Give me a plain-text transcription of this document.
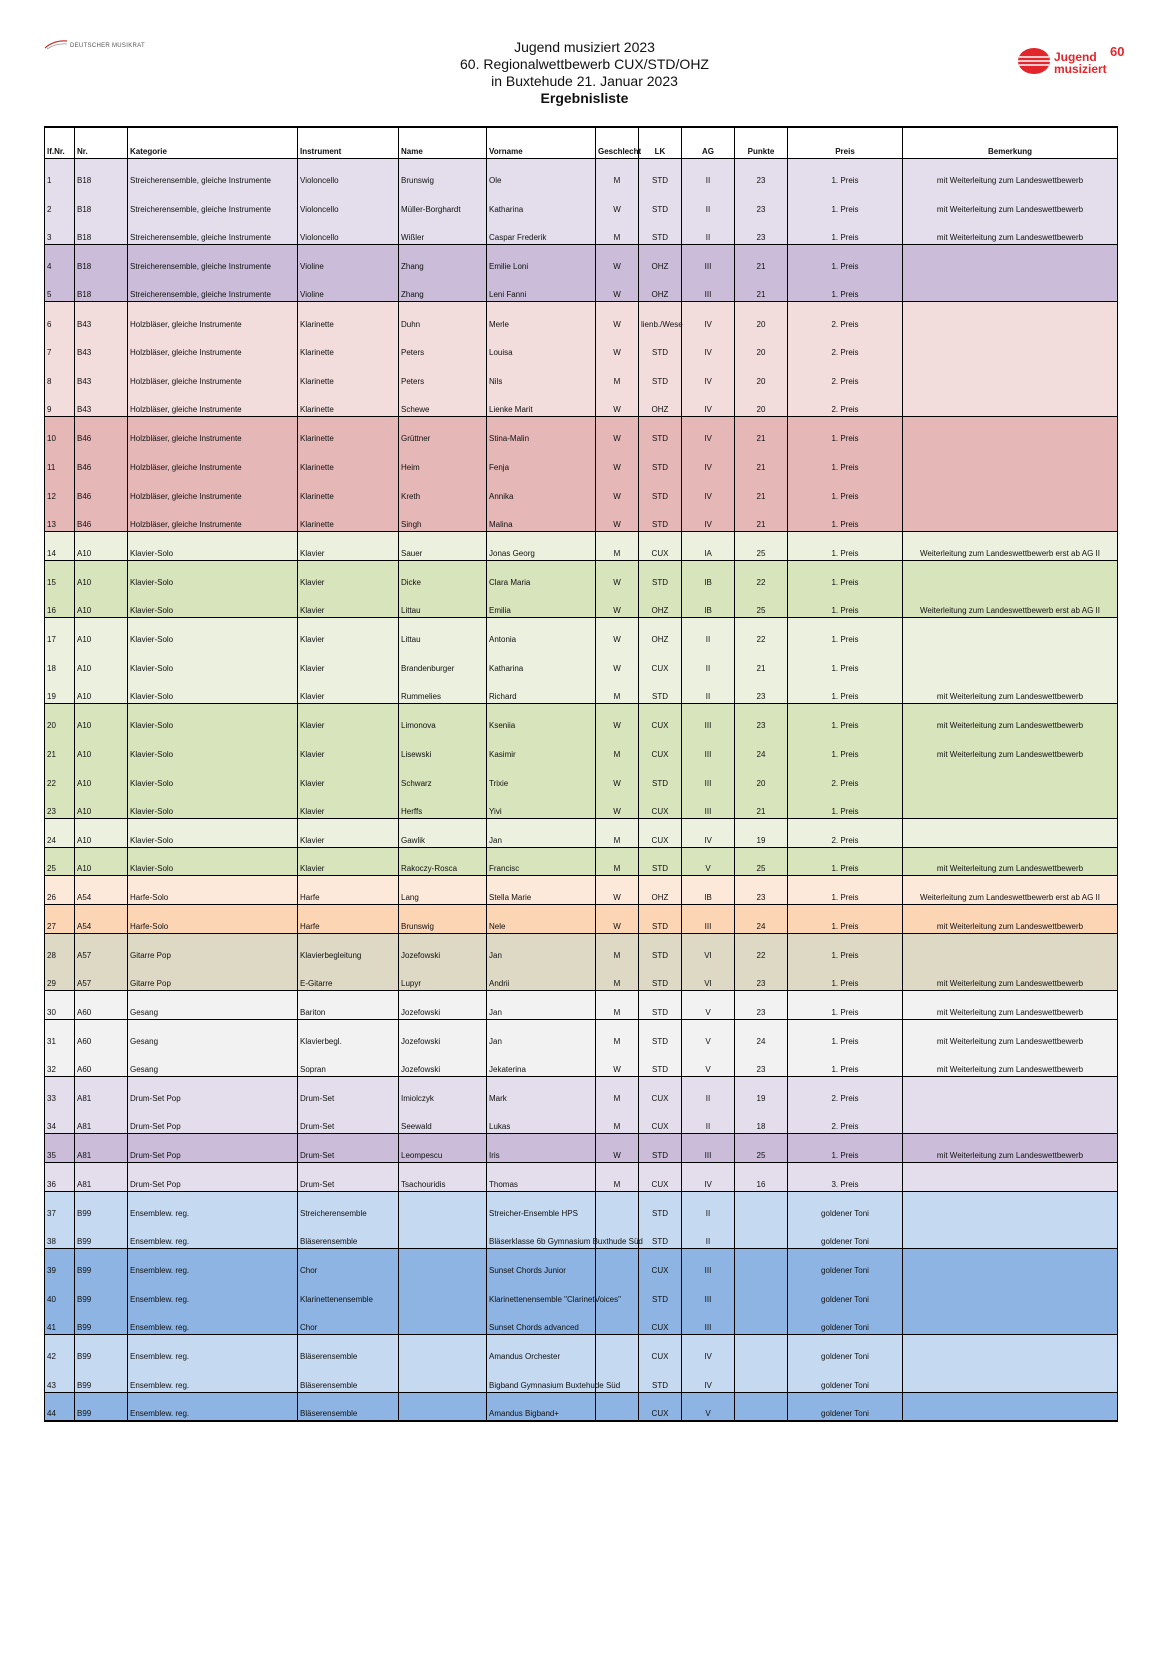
DEUTSCHER MUSIKRAT	Jugend musiziert 2023
60. Regionalwettbewerb CUX/STD/OHZ
in Buxtehude 21. Januar 2023
Ergebnisliste
Jugend
musiziert
60
lf.Nr.	Nr.	Kategorie	Instrument	Name	Vorname	Geschlecht	LK	AG	Punkte	Preis	Bemerkung
1	B18	Streicherensemble, gleiche Instrumente	Violoncello	Brunswig	Ole	M	STD	II	23	1. Preis	mit Weiterleitung zum Landeswettbewerb
2	B18	Streicherensemble, gleiche Instrumente	Violoncello	Müller-Borghardt	Katharina	W	STD	II	23	1. Preis	mit Weiterleitung zum Landeswettbewerb
3	B18	Streicherensemble, gleiche Instrumente	Violoncello	Wißler	Caspar Frederik	M	STD	II	23	1. Preis	mit Weiterleitung zum Landeswettbewerb
4	B18	Streicherensemble, gleiche Instrumente	Violine	Zhang	Emilie Loni	W	OHZ	III	21	1. Preis	
5	B18	Streicherensemble, gleiche Instrumente	Violine	Zhang	Leni Fanni	W	OHZ	III	21	1. Preis	
6	B43	Holzbläser, gleiche Instrumente	Klarinette	Duhn	Merle	W	lienb./Wese	IV	20	2. Preis	
7	B43	Holzbläser, gleiche Instrumente	Klarinette	Peters	Louisa	W	STD	IV	20	2. Preis	
8	B43	Holzbläser, gleiche Instrumente	Klarinette	Peters	Nils	M	STD	IV	20	2. Preis	
9	B43	Holzbläser, gleiche Instrumente	Klarinette	Schewe	Lienke Marit	W	OHZ	IV	20	2. Preis	
10	B46	Holzbläser, gleiche Instrumente	Klarinette	Grüttner	Stina-Malin	W	STD	IV	21	1. Preis	
11	B46	Holzbläser, gleiche Instrumente	Klarinette	Heim	Fenja	W	STD	IV	21	1. Preis	
12	B46	Holzbläser, gleiche Instrumente	Klarinette	Kreth	Annika	W	STD	IV	21	1. Preis	
13	B46	Holzbläser, gleiche Instrumente	Klarinette	Singh	Malina	W	STD	IV	21	1. Preis	
14	A10	Klavier-Solo	Klavier	Sauer	Jonas Georg	M	CUX	IA	25	1. Preis	Weiterleitung zum Landeswettbewerb erst ab AG II
15	A10	Klavier-Solo	Klavier	Dicke	Clara Maria	W	STD	IB	22	1. Preis	
16	A10	Klavier-Solo	Klavier	Littau	Emilia	W	OHZ	IB	25	1. Preis	Weiterleitung zum Landeswettbewerb erst ab AG II
17	A10	Klavier-Solo	Klavier	Littau	Antonia	W	OHZ	II	22	1. Preis	
18	A10	Klavier-Solo	Klavier	Brandenburger	Katharina	W	CUX	II	21	1. Preis	
19	A10	Klavier-Solo	Klavier	Rummelies	Richard	M	STD	II	23	1. Preis	mit Weiterleitung zum Landeswettbewerb
20	A10	Klavier-Solo	Klavier	Limonova	Kseniia	W	CUX	III	23	1. Preis	mit Weiterleitung zum Landeswettbewerb
21	A10	Klavier-Solo	Klavier	Lisewski	Kasimir	M	CUX	III	24	1. Preis	mit Weiterleitung zum Landeswettbewerb
22	A10	Klavier-Solo	Klavier	Schwarz	Trixie	W	STD	III	20	2. Preis	
23	A10	Klavier-Solo	Klavier	Herffs	Yivi	W	CUX	III	21	1. Preis	
24	A10	Klavier-Solo	Klavier	Gawlik	Jan	M	CUX	IV	19	2. Preis	
25	A10	Klavier-Solo	Klavier	Rakoczy-Rosca	Francisc	M	STD	V	25	1. Preis	mit Weiterleitung zum Landeswettbewerb
26	A54	Harfe-Solo	Harfe	Lang	Stella Marie	W	OHZ	IB	23	1. Preis	Weiterleitung zum Landeswettbewerb erst ab AG II
27	A54	Harfe-Solo	Harfe	Brunswig	Nele	W	STD	III	24	1. Preis	mit Weiterleitung zum Landeswettbewerb
28	A57	Gitarre Pop	Klavierbegleitung	Jozefowski	Jan	M	STD	VI	22	1. Preis	
29	A57	Gitarre Pop	E-Gitarre	Lupyr	Andrii	M	STD	VI	23	1. Preis	mit Weiterleitung zum Landeswettbewerb
30	A60	Gesang	Bariton	Jozefowski	Jan	M	STD	V	23	1. Preis	mit Weiterleitung zum Landeswettbewerb
31	A60	Gesang	Klavierbegl.	Jozefowski	Jan	M	STD	V	24	1. Preis	mit Weiterleitung zum Landeswettbewerb
32	A60	Gesang	Sopran	Jozefowski	Jekaterina	W	STD	V	23	1. Preis	mit Weiterleitung zum Landeswettbewerb
33	A81	Drum-Set Pop	Drum-Set	Imiolczyk	Mark	M	CUX	II	19	2. Preis	
34	A81	Drum-Set Pop	Drum-Set	Seewald	Lukas	M	CUX	II	18	2. Preis	
35	A81	Drum-Set Pop	Drum-Set	Leompescu	Iris	W	STD	III	25	1. Preis	mit Weiterleitung zum Landeswettbewerb
36	A81	Drum-Set Pop	Drum-Set	Tsachouridis	Thomas	M	CUX	IV	16	3. Preis	
37	B99	Ensemblew. reg.	Streicherensemble		Streicher-Ensemble HPS		STD	II		goldener Toni	
38	B99	Ensemblew. reg.	Bläserensemble		Bläserklasse 6b Gymnasium Buxthude Süd		STD	II		goldener Toni	
39	B99	Ensemblew. reg.	Chor		Sunset Chords Junior		CUX	III		goldener Toni	
40	B99	Ensemblew. reg.	Klarinettenensemble		Klarinettenensemble "ClarinetVoices"		STD	III		goldener Toni	
41	B99	Ensemblew. reg.	Chor		Sunset Chords advanced		CUX	III		goldener Toni	
42	B99	Ensemblew. reg.	Bläserensemble		Amandus Orchester		CUX	IV		goldener Toni	
43	B99	Ensemblew. reg.	Bläserensemble		Bigband Gymnasium Buxtehude Süd		STD	IV		goldener Toni	
44	B99	Ensemblew. reg.	Bläserensemble		Amandus Bigband+		CUX	V		goldener Toni	
